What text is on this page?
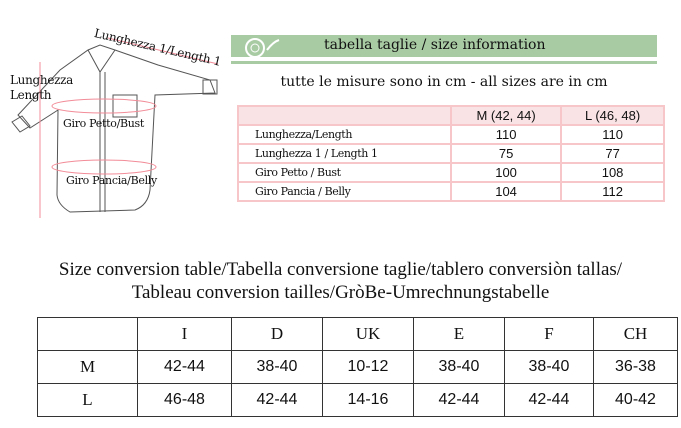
Lunghezza
Length
Lunghezza 1/Length 1
Giro Petto/Bust
Giro Pancia/Belly
tabella taglie / size information
tutte le misure sono in cm - all sizes are in cm
	M (42, 44)	L (46, 48)
Lunghezza/Length	110	110
Lunghezza 1 / Length 1	75	77
Giro Petto / Bust	100	108
Giro Pancia / Belly	104	112
Size conversion table/Tabella conversione taglie/tablero conversiòn tallas/
Tableau conversion tailles/GròBe-Umrechnungstabelle
	I	D	UK	E	F	CH
M	42-44	38-40	10-12	38-40	38-40	36-38
L	46-48	42-44	14-16	42-44	42-44	40-42
